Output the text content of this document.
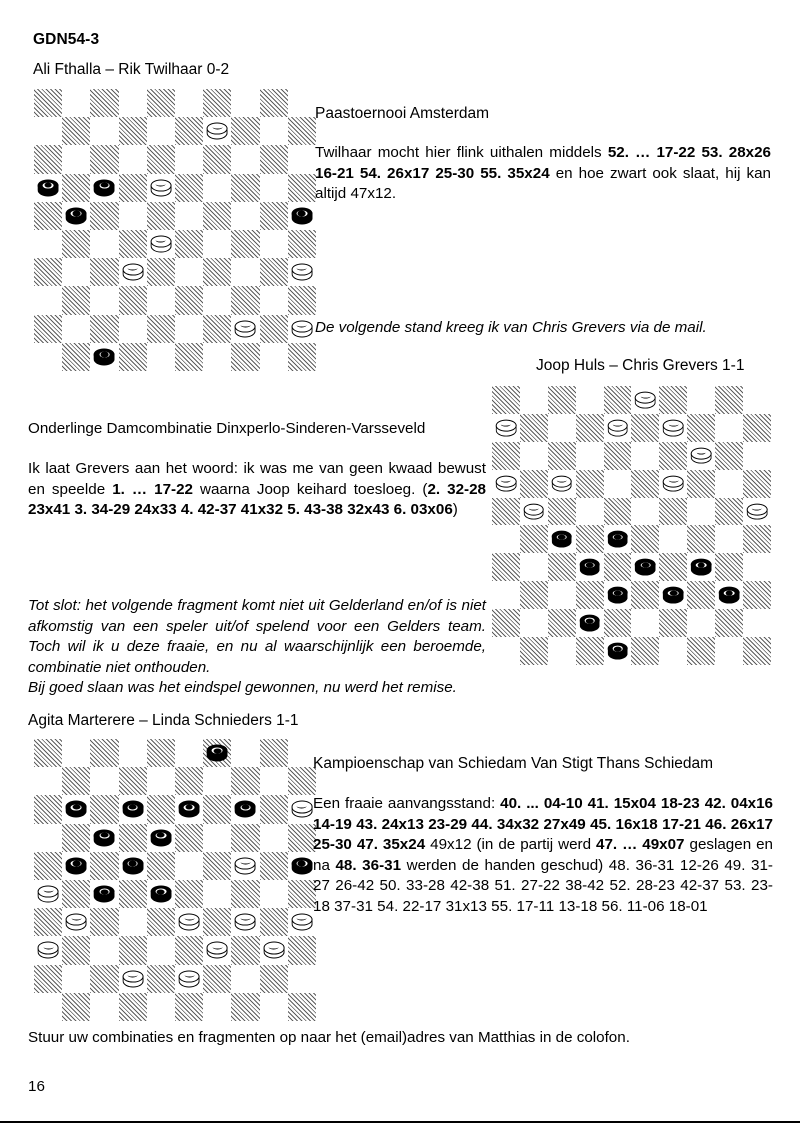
GDN54-3
Ali Fthalla – Rik Twilhaar 0-2
Paastoernooi Amsterdam
Twilhaar mocht hier flink uithalen middels 52. … 17-22 53. 28x26 16-21 54. 26x17 25-30 55. 35x24 en hoe zwart ook slaat, hij kan altijd 47x12.
De volgende stand kreeg ik van Chris Grevers via de mail.
Joop Huls – Chris Grevers 1-1
Onderlinge Damcombinatie Dinxperlo-Sinderen-Varsseveld
Ik laat Grevers aan het woord: ik was me van geen kwaad bewust en speelde 1. … 17-22 waarna Joop keihard toesloeg. (2. 32-28 23x41 3. 34-29 24x33 4. 42-37 41x32 5. 43-38 32x43 6. 03x06)
Tot slot: het volgende fragment komt niet uit Gelderland en/of is niet afkomstig van een speler uit/of spelend voor een Gelders team. Toch wil ik u deze fraaie, en nu al waarschijnlijk een beroemde, combinatie niet onthouden.
Bij goed slaan was het eindspel gewonnen, nu werd het remise.
Agita Marterere – Linda Schnieders 1-1
Kampioenschap van Schiedam Van Stigt Thans Schiedam
Een fraaie aanvangsstand: 40. ... 04-10 41. 15x04 18-23 42. 04x16 14-19 43. 24x13 23-29 44. 34x32 27x49 45. 16x18 17-21 46. 26x17 25-30 47. 35x24 49x12 (in de partij werd 47. … 49x07 geslagen en na 48. 36-31 werden de handen geschud) 48. 36-31 12-26 49. 31-27 26-42 50. 33-28 42-38 51. 27-22 38-42 52. 28-23 42-37 53. 23-18 37-31 54. 22-17 31x13 55. 17-11 13-18 56. 11-06 18-01
Stuur uw combinaties en fragmenten op naar het (email)adres van Matthias in de colofon.
16
